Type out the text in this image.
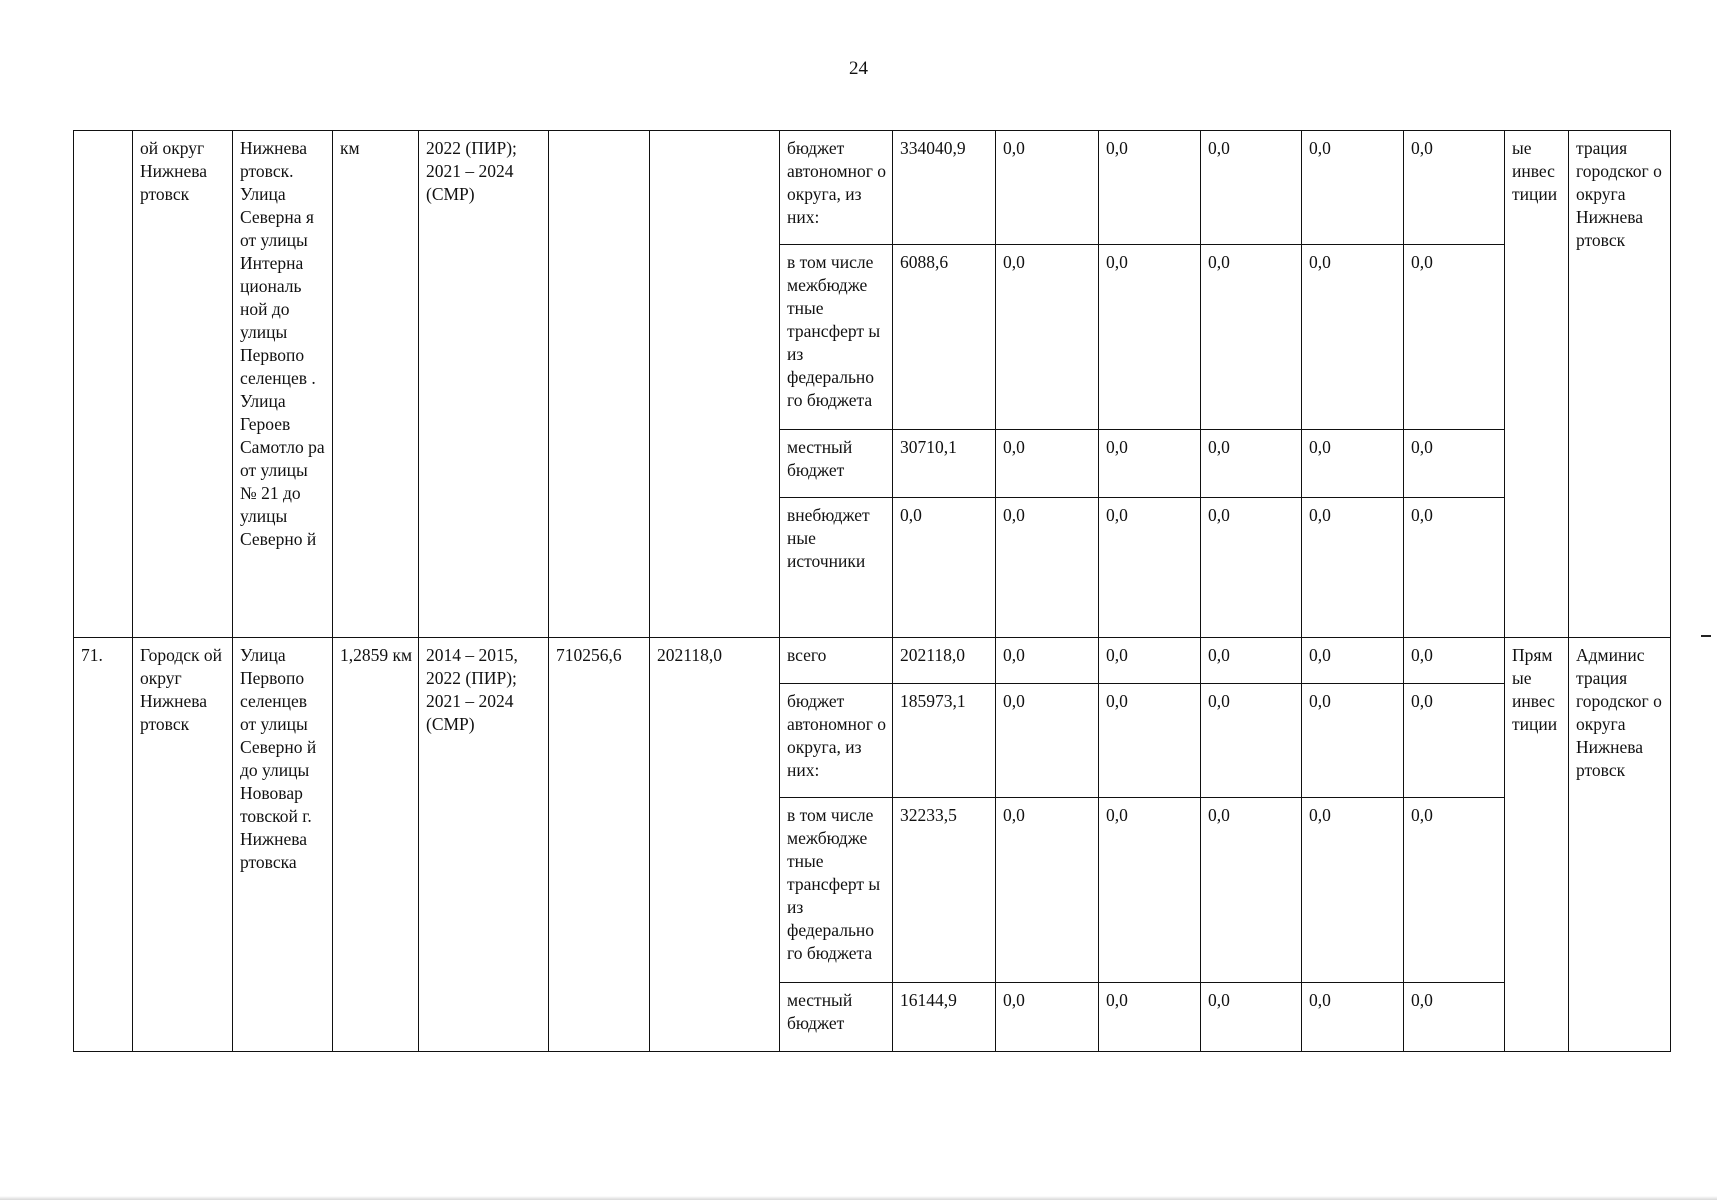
24
	ой округ Нижнева ртовск	Нижнева ртовск. Улица Северна я от улицы Интерна циональ ной до улицы Первопо селенцев . Улица Героев Самотло ра от улицы № 21 до улицы Северно й	км	2022 (ПИР); 2021 – 2024 (СМР)			бюджет автономног о округа, из них:	334040,9	0,0	0,0	0,0	0,0	0,0	ые инвес тиции	трация городског о округа Нижнева ртовск
							в том числе межбюдже тные трансферт ы из федерально го бюджета	6088,6	0,0	0,0	0,0	0,0	0,0		
							местный бюджет	30710,1	0,0	0,0	0,0	0,0	0,0		
							внебюджет ные источники	0,0	0,0	0,0	0,0	0,0	0,0		
71.	Городск ой округ Нижнева ртовск	Улица Первопо селенцев от улицы Северно й до улицы Нововар товской г. Нижнева ртовска	1,2859 км	2014 – 2015, 2022 (ПИР); 2021 – 2024 (СМР)	710256,6	202118,0	всего	202118,0	0,0	0,0	0,0	0,0	0,0	Прям ые инвес тиции	Админис трация городског о округа Нижнева ртовск
							бюджет автономног о округа, из них:	185973,1	0,0	0,0	0,0	0,0	0,0		
							в том числе межбюдже тные трансферт ы из федерально го бюджета	32233,5	0,0	0,0	0,0	0,0	0,0		
							местный бюджет	16144,9	0,0	0,0	0,0	0,0	0,0		
